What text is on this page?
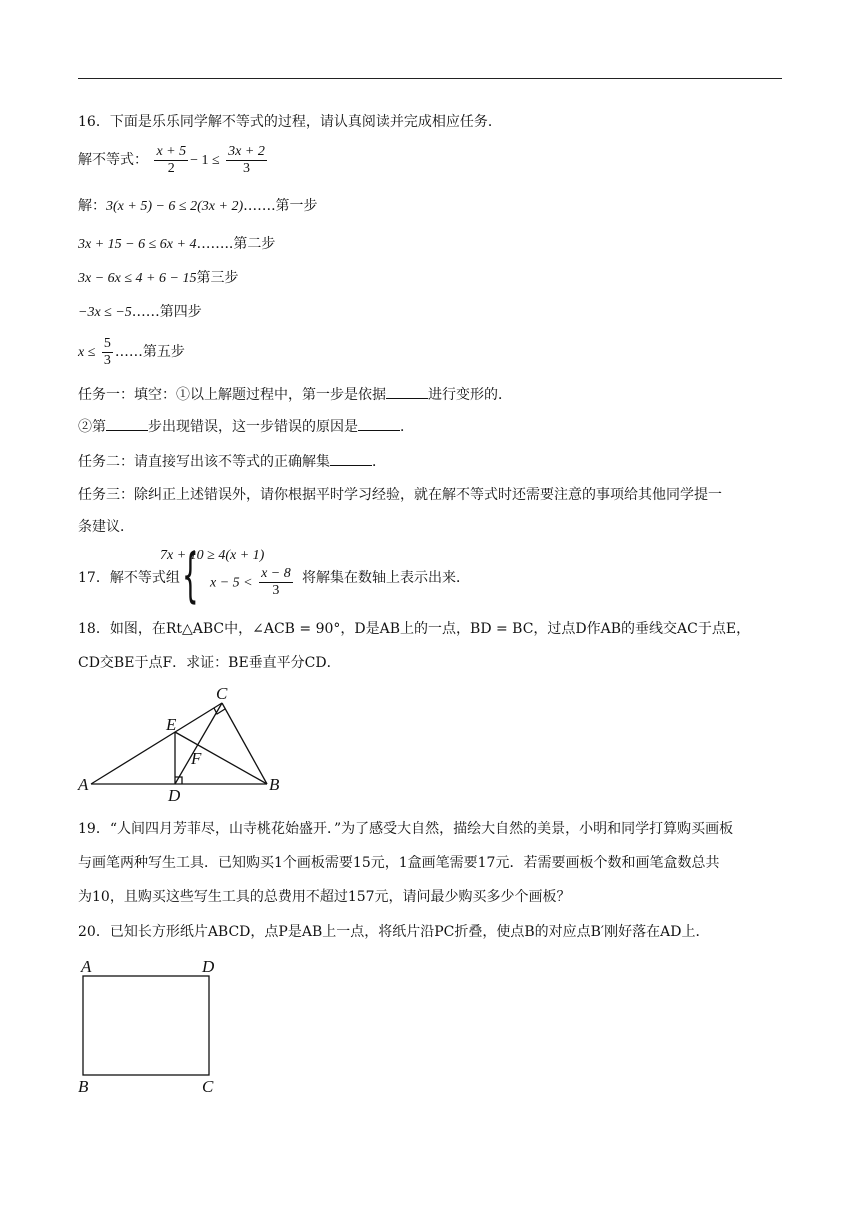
16．下面是乐乐同学解不等式的过程，请认真阅读并完成相应任务．
解不等式： $\frac{x + 5}{2} - 1 \le \frac{3x + 2}{3}$
解：3(x + 5) − 6 ≤ 2(3x + 2)…….第一步
3x + 15 − 6 ≤ 6x + 4……..第二步
3x − 6x ≤ 4 + 6 − 15第三步
−3x ≤ −5……第四步
$x \le \frac{5}{3}$ ……第五步
任务一：填空：①以上解题过程中，第一步是依据	进行变形的．
②第	步出现错误，这一步错误的原因是	．
任务二：请直接写出该不等式的正确解集	．
任务三：除纠正上述错误外，请你根据平时学习经验，就在解不等式时还需要注意的事项给其他同学提一
条建议．
17．解不等式组 {
7x + 10 ≥ 4(x + 1)
$x - 5 < \frac{x - 8}{3}$ 将解集在数轴上表示出来．
18．如图，在Rt△ABC中，∠ACB = 90°，D是AB上的一点，BD = BC，过点D作AB的垂线交AC于点E，
CD交BE于点F．求证：BE垂直平分CD．
C
E
F
A	B
D
19．“人间四月芳菲尽，山寺桃花始盛开．”为了感受大自然，描绘大自然的美景，小明和同学打算购买画板
与画笔两种写生工具．已知购买1个画板需要15元，1盒画笔需要17元．若需要画板个数和画笔盒数总共
为10，且购买这些写生工具的总费用不超过157元，请问最少购买多少个画板？
20．已知长方形纸片ABCD，点P是AB上一点，将纸片沿PC折叠，使点B的对应点B′刚好落在AD上．
A	D
B	C
